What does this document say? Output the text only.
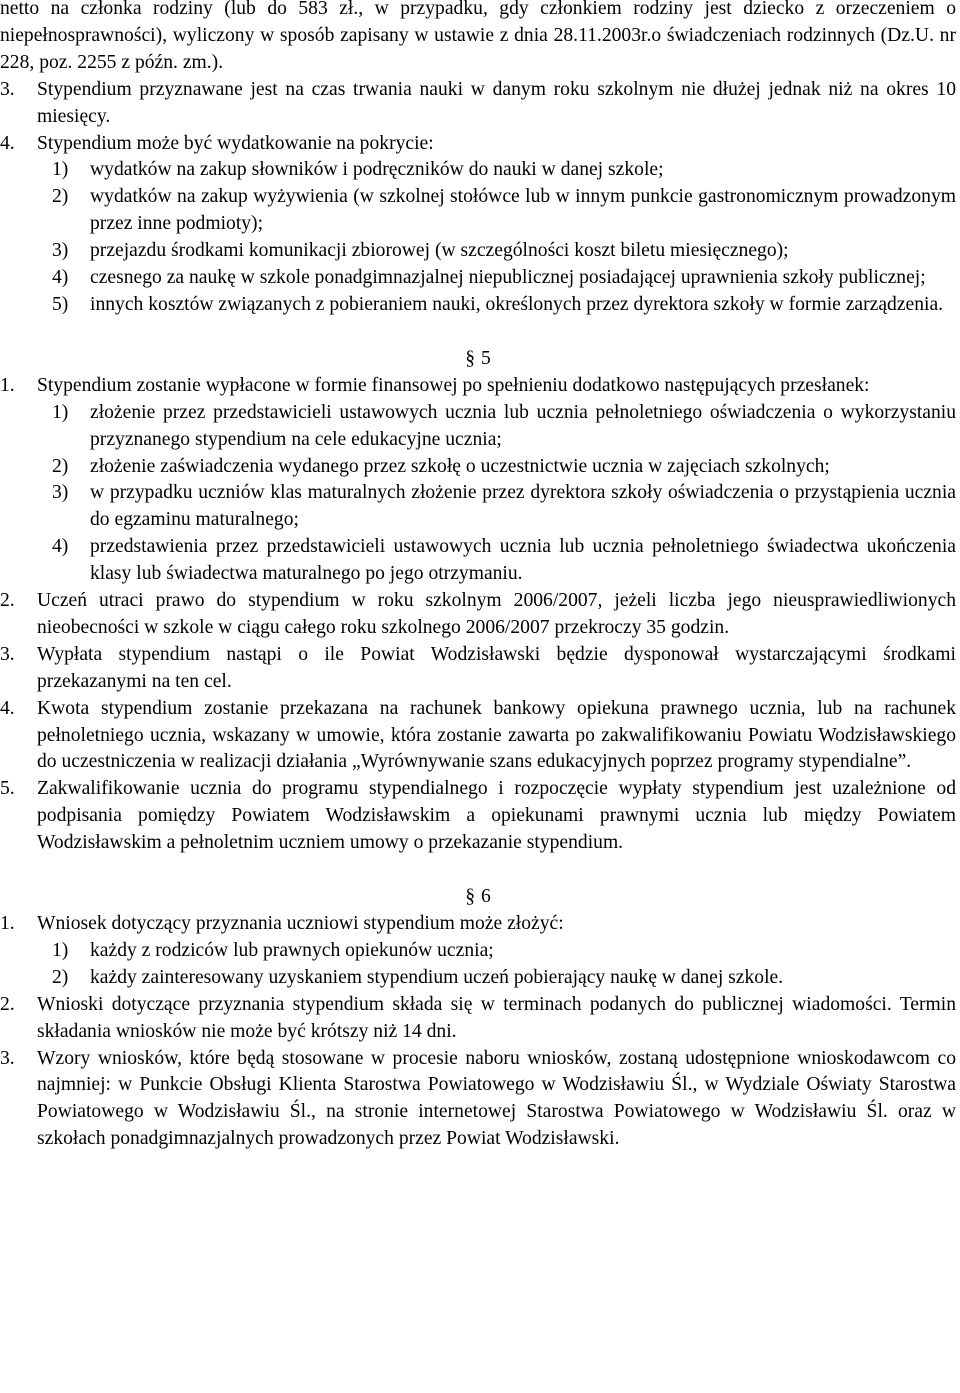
netto na członka rodziny (lub do 583 zł., w przypadku, gdy członkiem rodziny jest dziecko z orzeczeniem o niepełnosprawności), wyliczony w sposób zapisany w ustawie z dnia 28.11.2003r.o świadczeniach rodzinnych (Dz.U. nr 228, poz. 2255 z późn. zm.).
3. Stypendium przyznawane jest na czas trwania nauki w danym roku szkolnym nie dłużej jednak niż na okres 10 miesięcy.
4. Stypendium może być wydatkowanie na pokrycie:
1) wydatków na zakup słowników i podręczników do nauki w danej szkole;
2) wydatków na zakup wyżywienia (w szkolnej stołówce lub w innym punkcie gastronomicznym prowadzonym przez inne podmioty);
3) przejazdu środkami komunikacji zbiorowej (w szczególności koszt biletu miesięcznego);
4) czesnego za naukę w szkole ponadgimnazjalnej niepublicznej posiadającej uprawnienia szkoły publicznej;
5) innych kosztów związanych z pobieraniem nauki, określonych przez dyrektora szkoły w formie zarządzenia.
§ 5
1. Stypendium zostanie wypłacone w formie finansowej po spełnieniu dodatkowo następujących przesłanek:
1) złożenie przez przedstawicieli ustawowych ucznia lub ucznia pełnoletniego oświadczenia o wykorzystaniu przyznanego stypendium na cele edukacyjne ucznia;
2) złożenie zaświadczenia wydanego przez szkołę o uczestnictwie ucznia w zajęciach szkolnych;
3) w przypadku uczniów klas maturalnych złożenie przez dyrektora szkoły oświadczenia o przystąpienia ucznia do egzaminu maturalnego;
4) przedstawienia przez przedstawicieli ustawowych ucznia lub ucznia pełnoletniego świadectwa ukończenia klasy lub świadectwa maturalnego po jego otrzymaniu.
2. Uczeń utraci prawo do stypendium w roku szkolnym 2006/2007, jeżeli liczba jego nieusprawiedliwionych nieobecności w szkole w ciągu całego roku szkolnego 2006/2007 przekroczy 35 godzin.
3. Wypłata stypendium nastąpi o ile Powiat Wodzisławski będzie dysponował wystarczającymi środkami przekazanymi na ten cel.
4. Kwota stypendium zostanie przekazana na rachunek bankowy opiekuna prawnego ucznia, lub na rachunek pełnoletniego ucznia, wskazany w umowie, która zostanie zawarta po zakwalifikowaniu Powiatu Wodzisławskiego do uczestniczenia w realizacji działania „Wyrównywanie szans edukacyjnych poprzez programy stypendialne”.
5. Zakwalifikowanie ucznia do programu stypendialnego i rozpoczęcie wypłaty stypendium jest uzależnione od podpisania pomiędzy Powiatem Wodzisławskim a opiekunami prawnymi ucznia lub między Powiatem Wodzisławskim a pełnoletnim uczniem umowy o przekazanie stypendium.
§ 6
1. Wniosek dotyczący przyznania uczniowi stypendium może złożyć:
1) każdy z rodziców lub prawnych opiekunów ucznia;
2) każdy zainteresowany uzyskaniem stypendium uczeń pobierający naukę w danej szkole.
2. Wnioski dotyczące przyznania stypendium składa się w terminach podanych do publicznej wiadomości. Termin składania wniosków nie może być krótszy niż 14 dni.
3. Wzory wniosków, które będą stosowane w procesie naboru wniosków, zostaną udostępnione wnioskodawcom co najmniej: w Punkcie Obsługi Klienta Starostwa Powiatowego w Wodzisławiu Śl., w Wydziale Oświaty Starostwa Powiatowego w Wodzisławiu Śl., na stronie internetowej Starostwa Powiatowego w Wodzisławiu Śl. oraz w szkołach ponadgimnazjalnych prowadzonych przez Powiat Wodzisławski.
